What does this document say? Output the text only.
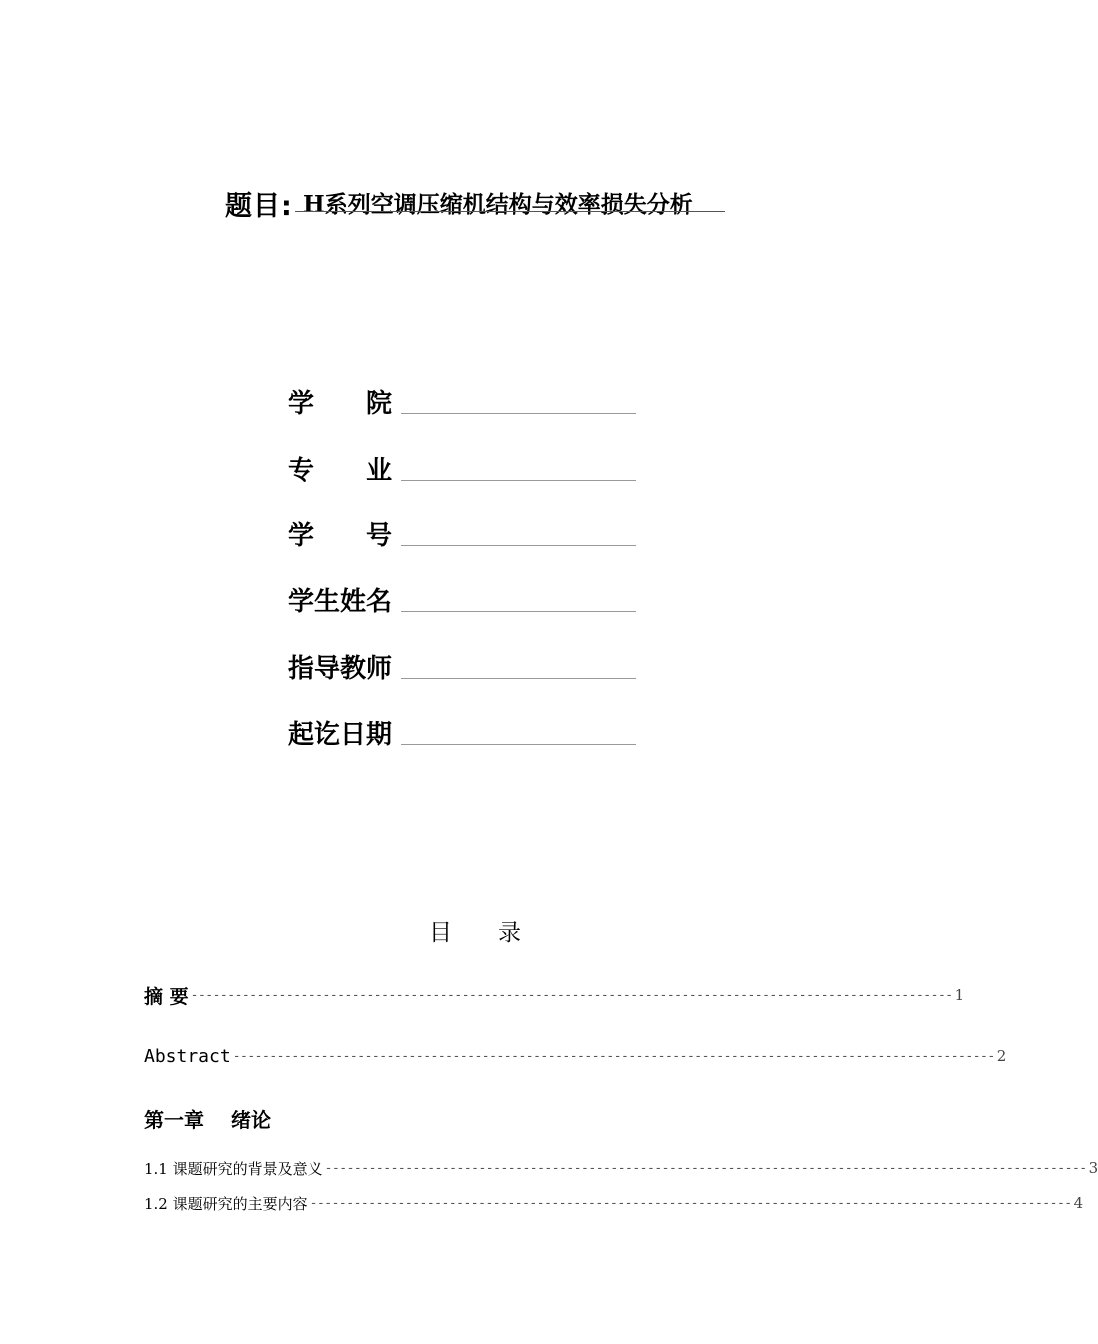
题目: H系列空调压缩机结构与效率损失分析
学　　院
专　　业
学　　号
学生姓名
指导教师
起讫日期
目　　录
摘 要 -------------------------------------------------------------------------------------------------------- 1
Abstract -------------------------------------------------------------------------------------------------------- 2
第一章　 绪论
1.1 课题研究的背景及意义 -------------------------------------------------------------------------------------------------------- 3
1.2 课题研究的主要内容 -------------------------------------------------------------------------------------------------------- 4
